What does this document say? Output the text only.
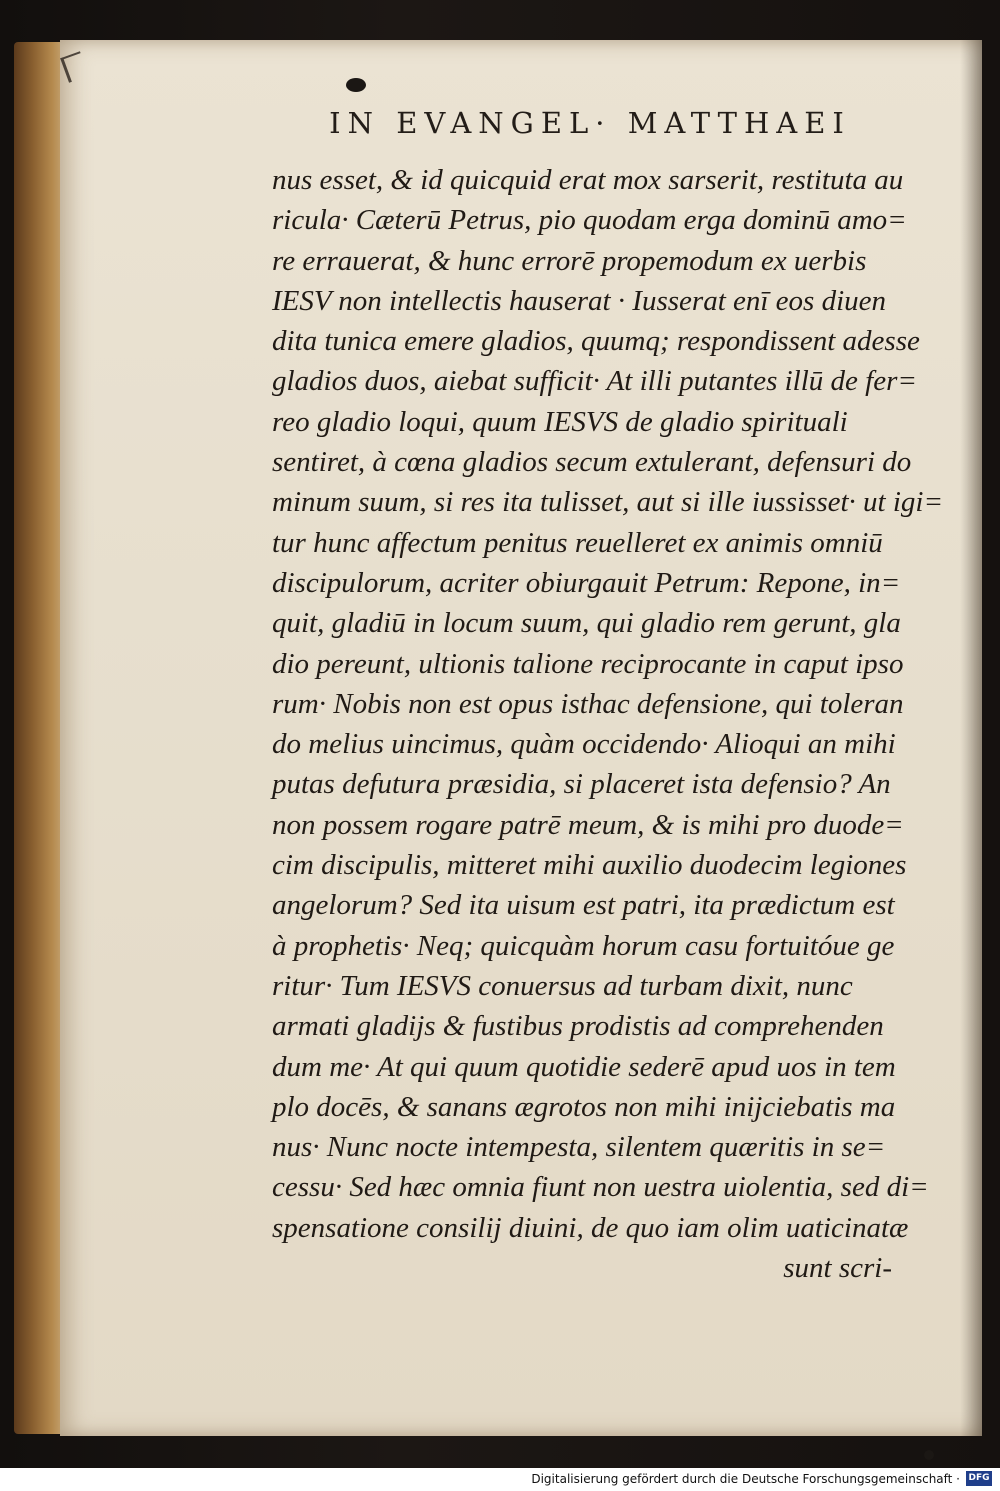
IN EVANGEL· MATTHAEI
nus esset, & id quicquid erat mox sarserit, restituta au
ricula· Cæterū Petrus, pio quodam erga dominū amo=
re errauerat, & hunc errorē propemodum ex uerbis
IESV non intellectis hauserat · Iusserat enī eos diuen
dita tunica emere gladios, quumq; respondissent adesse
gladios duos, aiebat sufficit· At illi putantes illū de fer=
reo gladio loqui, quum IESVS de gladio spirituali
sentiret, à cœna gladios secum extulerant, defensuri do
minum suum, si res ita tulisset, aut si ille iussisset· ut igi=
tur hunc affectum penitus reuelleret ex animis omniū
discipulorum, acriter obiurgauit Petrum: Repone, in=
quit, gladiū in locum suum, qui gladio rem gerunt, gla
dio pereunt, ultionis talione reciprocante in caput ipso
rum· Nobis non est opus isthac defensione, qui toleran
do melius uincimus, quàm occidendo· Alioqui an mihi
putas defutura præsidia, si placeret ista defensio? An
non possem rogare patrē meum, & is mihi pro duode=
cim discipulis, mitteret mihi auxilio duodecim legiones
angelorum? Sed ita uisum est patri, ita prædictum est
à prophetis· Neq; quicquàm horum casu fortuitóue ge
ritur· Tum IESVS conuersus ad turbam dixit, nunc
armati gladijs & fustibus prodistis ad comprehenden
dum me· At qui quum quotidie sederē apud uos in tem
plo docēs, & sanans ægrotos non mihi inijciebatis ma
nus· Nunc nocte intempesta, silentem quæritis in se=
cessu· Sed hæc omnia fiunt non uestra uiolentia, sed di=
spensatione consilij diuini, de quo iam olim uaticinatæ
sunt scri-
Digitalisierung gefördert durch die Deutsche Forschungsgemeinschaft · DFG
